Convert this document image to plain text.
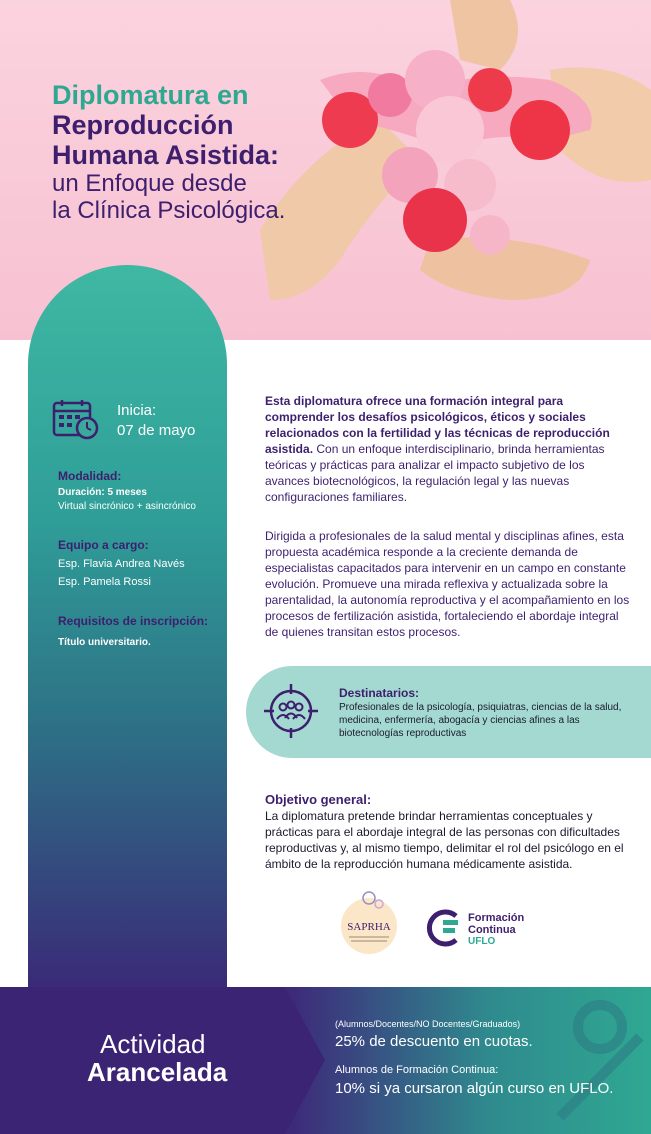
Diplomatura en
Reproducción
Humana Asistida:
un Enfoque desde
la Clínica Psicológica.
Inicia:
07 de mayo
Modalidad:
Duración: 5 meses
Virtual sincrónico + asincrónico
Equipo a cargo:
Esp. Flavia Andrea Navés
Esp. Pamela Rossi
Requisitos de inscripción:
Título universitario.
Esta diplomatura ofrece una formación integral para comprender los desafíos psicológicos, éticos y sociales relacionados con la fertilidad y las técnicas de reproducción asistida. Con un enfoque interdisciplinario, brinda herramientas teóricas y prácticas para analizar el impacto subjetivo de los avances biotecnológicos, la regulación legal y las nuevas configuraciones familiares.
Dirigida a profesionales de la salud mental y disciplinas afines, esta propuesta académica responde a la creciente demanda de especialistas capacitados para intervenir en un campo en constante evolución. Promueve una mirada reflexiva y actualizada sobre la parentalidad, la autonomía reproductiva y el acompañamiento en los procesos de fertilización asistida, fortaleciendo el abordaje integral de quienes transitan estos procesos.
Destinatarios:
Profesionales de la psicología, psiquiatras, ciencias de la salud, medicina, enfermería, abogacía y ciencias afines a las biotecnologías reproductivas
Objetivo general:
La diplomatura pretende brindar herramientas conceptuales y prácticas para el abordaje integral de las personas con dificultades reproductivas y, al mismo tiempo, delimitar el rol del psicólogo en el ámbito de la reproducción humana médicamente asistida.
SAPRHA
Formación
Continua
UFLO
Actividad
Arancelada
(Alumnos/Docentes/NO Docentes/Graduados)
25% de descuento en cuotas.
Alumnos de Formación Continua:
10% si ya cursaron algún curso en UFLO.
